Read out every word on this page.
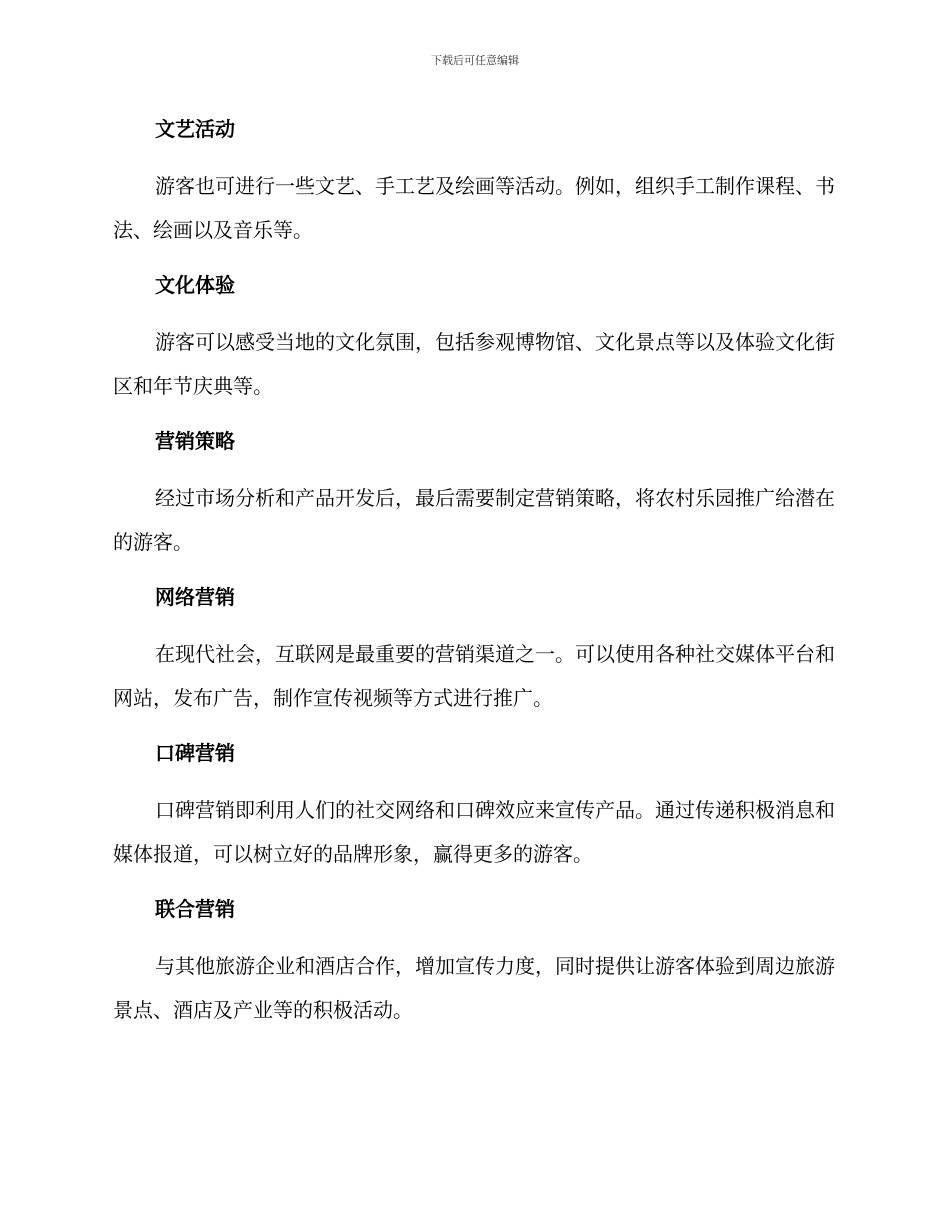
下载后可任意编辑
文艺活动

游客也可进行一些文艺、手工艺及绘画等活动。例如，组织手工制作课程、书法、绘画以及音乐等。

文化体验

游客可以感受当地的文化氛围，包括参观博物馆、文化景点等以及体验文化街区和年节庆典等。

营销策略

经过市场分析和产品开发后，最后需要制定营销策略，将农村乐园推广给潜在的游客。

网络营销

在现代社会，互联网是最重要的营销渠道之一。可以使用各种社交媒体平台和网站，发布广告，制作宣传视频等方式进行推广。

口碑营销

口碑营销即利用人们的社交网络和口碑效应来宣传产品。通过传递积极消息和媒体报道，可以树立好的品牌形象，赢得更多的游客。

联合营销

与其他旅游企业和酒店合作，增加宣传力度，同时提供让游客体验到周边旅游景点、酒店及产业等的积极活动。
